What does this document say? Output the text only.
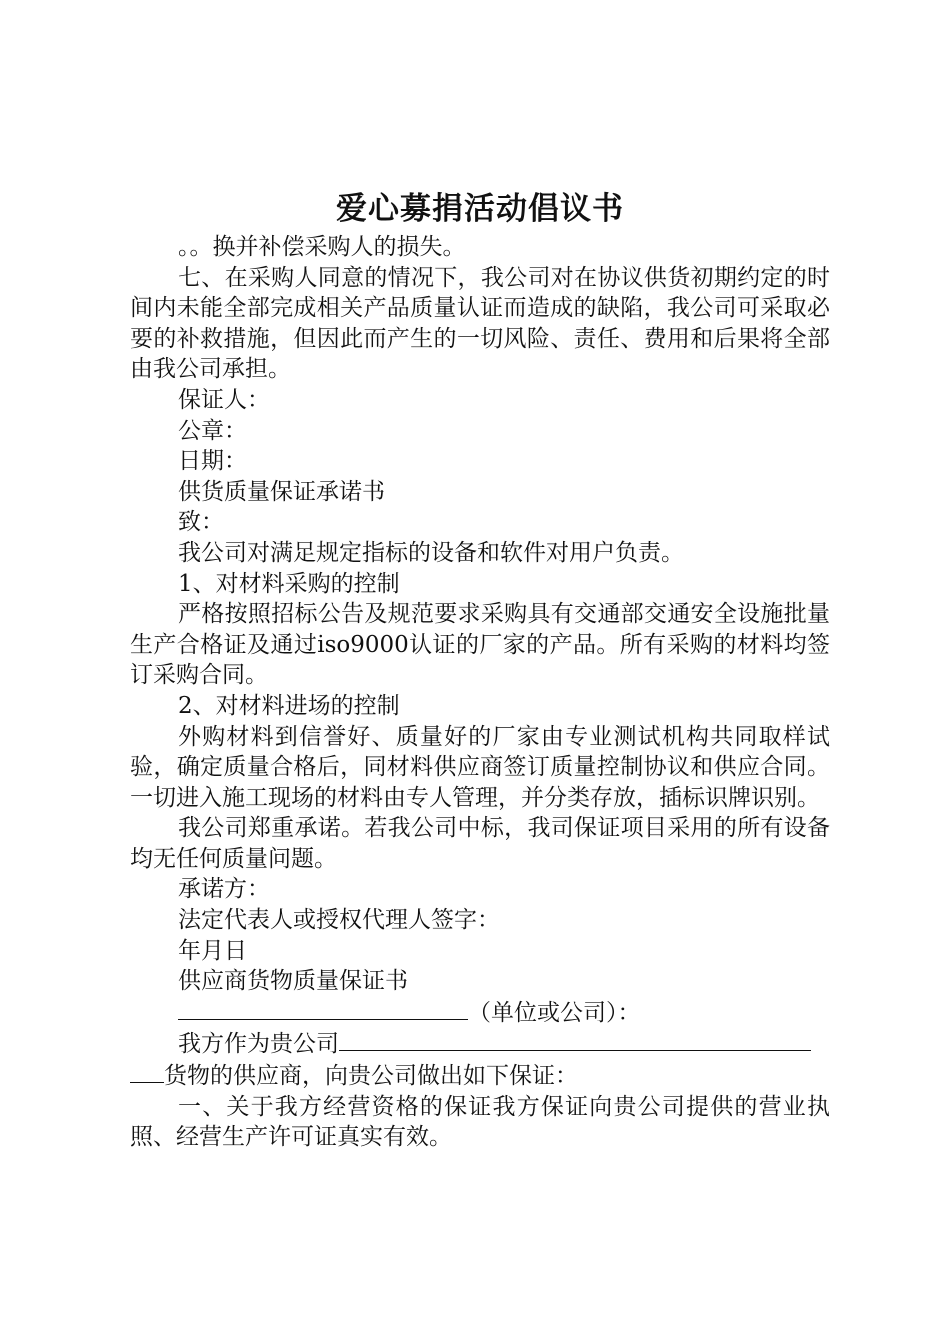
爱心募捐活动倡议书

。。换并补偿采购人的损失。

七、在采购人同意的情况下，我公司对在协议供货初期约定的时间内未能全部完成相关产品质量认证而造成的缺陷，我公司可采取必要的补救措施，但因此而产生的一切风险、责任、费用和后果将全部由我公司承担。

保证人：

公章：

日期：

供货质量保证承诺书

致：

我公司对满足规定指标的设备和软件对用户负责。

1、对材料采购的控制

严格按照招标公告及规范要求采购具有交通部交通安全设施批量生产合格证及通过iso9000认证的厂家的产品。所有采购的材料均签订采购合同。

2、对材料进场的控制

外购材料到信誉好、质量好的厂家由专业测试机构共同取样试验，确定质量合格后，同材料供应商签订质量控制协议和供应合同。一切进入施工现场的材料由专人管理，并分类存放，插标识牌识别。

我公司郑重承诺。若我公司中标，我司保证项目采用的所有设备均无任何质量问题。

承诺方：

法定代表人或授权代理人签字：

年月日

供应商货物质量保证书

（单位或公司）：

我方作为贵公司
货物的供应商，向贵公司做出如下保证：

一、关于我方经营资格的保证我方保证向贵公司提供的营业执照、经营生产许可证真实有效。
